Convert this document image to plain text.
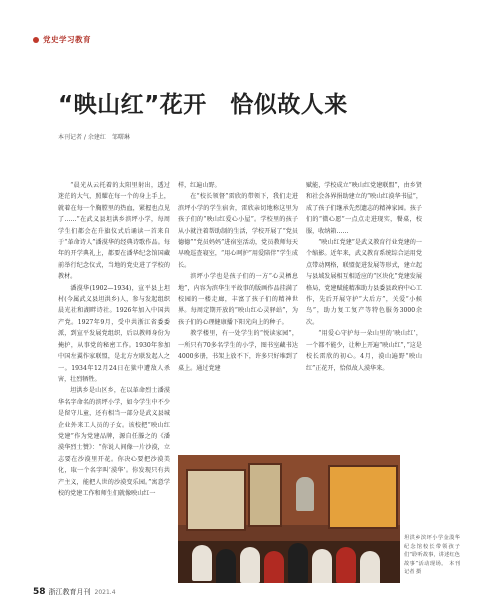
党史学习教育
“映山红”花开　恰似故人来
本刊记者 / 余建红　邹曙琳

“晨光从云托着的太阳里射出，透过迷茫的大气，照耀在每一个的身上手上，就着在每一个胸膛里的热血，紧握也点见了……”在武义县坦洪乡滨坪小学，每周学生们都会在升旗仪式后诵读一首来自于“革命诗人”潘漠华的经典诗歌作品。每年的开学典礼上，都要在潘华纪念馆国藏前举行纪念仪式，当地的党史进了学校的教材。

潘漠华(1902—1934)，宣平县上坦村(今属武义县坦洪乡)人，参与发起组织晨光社和湖畔诗社。1926年加入中国共产党。1927年9月，受中共浙江省委委派，到宣平发展党组织，后以教师身份为掩护，从事党的秘密工作。1930年参加中国左翼作家联盟，是北方左联发起人之一。1934年12月24日在狱中遭敌人杀害，壮烈牺牲。

坦洪乡是山区乡，在以革命烈士潘漠华名字命名的滨坪小学，如今学生中不少是留守儿童，还有相当一部分是武义县城企业外来工人员的子女。该校把“映山红党建”作为党建品牌，源自任滕之的《潘漠华烈士赞》：“你说人间像一片沙漠，立志要在沙漠里开花。你决心要把沙漠美化，取一个名字叫‘漠华’。你发现只有共产主义，能把人世的沙漠变乐园。”寓意学校的党建工作和师生们就像映山红一

样，红遍山野。

在“校长领督”雷欣的带领下，我们走进滨坪小学的学生宿舍，雷欣亲切地称这里为孩子们的“映山红爱心小屋”。学校里的孩子从小就注着帮助制的生活，学校开展了“党员德德”“党员妈妈”进宿室活动，党员教师每天早晚巡查寝室，“用心呵护”用爱陪伴”学生成长。

滨坪小学也是孩子们的一方“心灵栖息地”，内容为滨华生平故事的版画作品挂满了校园的一楼走廊，丰富了孩子们的精神世界。每周定期开放的“映山红心灵驿站”，为孩子们的心理健康播下阳光向上的种子。

教学楼里，有一处学生的“悦读家园”，一所只有70多名学生的小学，图书室藏书达4000多册，书架上放不下，许多只好堆到了桌上。通过党建

赋能，学校成立“映山红党建联盟”，由乡贤和社会各界捐助建立的“映山红漠华书屋”，成了孩子们继承先烈遗志的精神家园。孩子们的“微心愿”一点点走进现实，餐桌，校服，收纳箱……

“映山红党建”是武义教育行业党建的一个缩影。近年来，武义教育系统综合运用党点带动网格，联盟促进发展等形式，建立起与县域发展相互相适应的“区块化”党建发展格局，党建赋能精准助力县委县政府中心工作，先后开展守护“大后方”，关爱“小候鸟”，助力复工复产等特色服务3000余次。

“用爱心守护每一朵山里的‘映山红’，一个都不能少，让种上开遍“映山红”，”这是校长雷欣的初心。4月，漠山遍野“映山红”正花开，恰似故人漠华来。

坦洪乡滨坪小学金漠华纪念馆校长带领孩子们“聆听故事，讲述红色故事”活动现场。 本刊记者 摄
58 浙江教育月刊 2021.4
